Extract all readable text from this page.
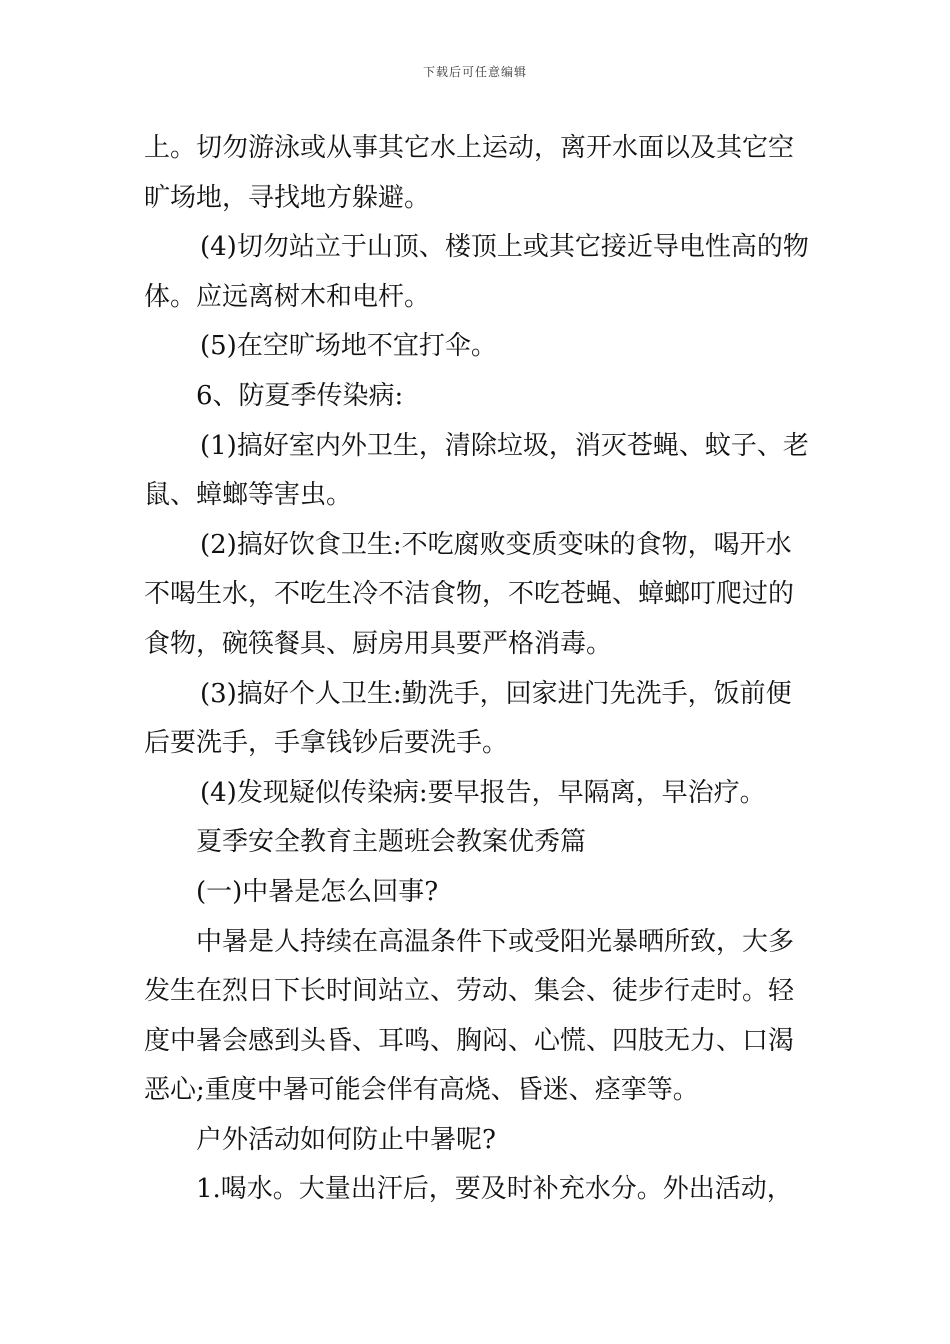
下载后可任意编辑
上。切勿游泳或从事其它水上运动，离开水面以及其它空
旷场地，寻找地方躲避。
(4)切勿站立于山顶、楼顶上或其它接近导电性高的物
体。应远离树木和电杆。
(5)在空旷场地不宜打伞。
6、防夏季传染病:
(1)搞好室内外卫生，清除垃圾，消灭苍蝇、蚊子、老
鼠、蟑螂等害虫。
(2)搞好饮食卫生:不吃腐败变质变味的食物，喝开水
不喝生水，不吃生冷不洁食物，不吃苍蝇、蟑螂叮爬过的
食物，碗筷餐具、厨房用具要严格消毒。
(3)搞好个人卫生:勤洗手，回家进门先洗手，饭前便
后要洗手，手拿钱钞后要洗手。
(4)发现疑似传染病:要早报告，早隔离，早治疗。
夏季安全教育主题班会教案优秀篇
(一)中暑是怎么回事?
中暑是人持续在高温条件下或受阳光暴晒所致，大多
发生在烈日下长时间站立、劳动、集会、徒步行走时。轻
度中暑会感到头昏、耳鸣、胸闷、心慌、四肢无力、口渴
恶心;重度中暑可能会伴有高烧、昏迷、痉挛等。
户外活动如何防止中暑呢?
1.喝水。大量出汗后，要及时补充水分。外出活动，
